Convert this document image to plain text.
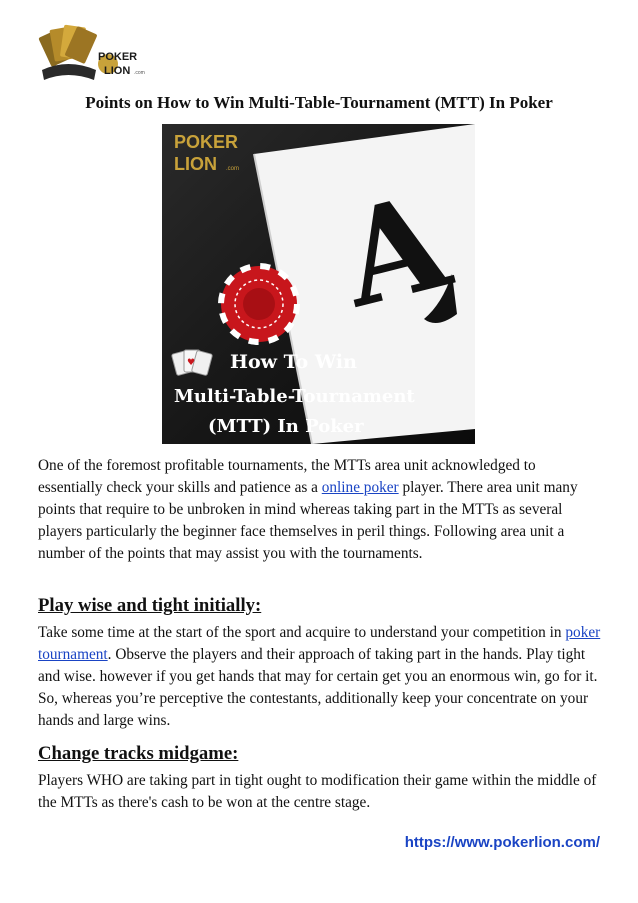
POKER
LION .com
Points on How to Win Multi-Table-Tournament (MTT) In Poker
A
POKER
LION .com
♥ How To Win
Multi-Table-Tournament
(MTT) In Poker

One of the foremost profitable tournaments, the MTTs area unit acknowledged to essentially check your skills and patience as a online poker player. There area unit many points that require to be unbroken in mind whereas taking part in the MTTs as several players particularly the beginner face themselves in peril things. Following area unit a number of the points that may assist you with the tournaments.

Play wise and tight initially:

Take some time at the start of the sport and acquire to understand your competition in poker tournament. Observe the players and their approach of taking part in the hands. Play tight and wise. however if you get hands that may for certain get you an enormous win, go for it. So, whereas you’re perceptive the contestants, additionally keep your concentrate on your hands and large wins.

Change tracks midgame:

Players WHO are taking part in tight ought to modification their game within the middle of the MTTs as there's cash to be won at the centre stage.

https://www.pokerlion.com/
